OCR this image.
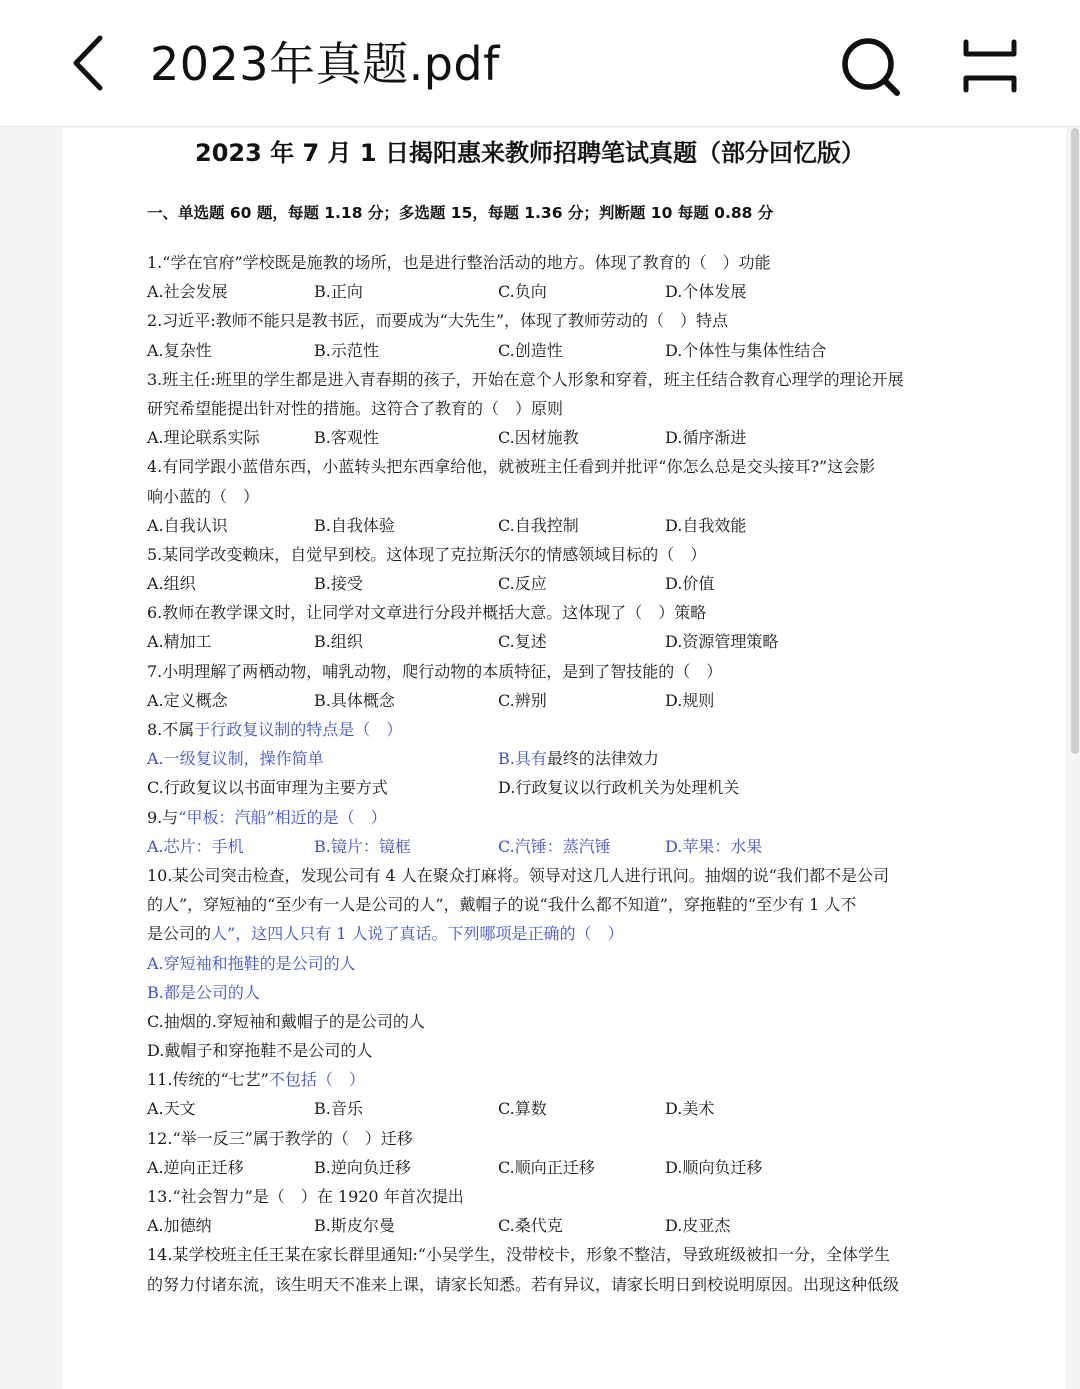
2023年真题.pdf
2023 年 7 月 1 日揭阳惠来教师招聘笔试真题（部分回忆版）
一、单选题 60 题，每题 1.18 分；多选题 15，每题 1.36 分；判断题 10 每题 0.88 分
1.“学在官府”学校既是施教的场所，也是进行整治活动的地方。体现了教育的（　）功能
A.社会发展	B.正向	C.负向	D.个体发展
2.习近平:教师不能只是教书匠，而要成为“大先生”，体现了教师劳动的（　）特点
A.复杂性	B.示范性	C.创造性	D.个体性与集体性结合
3.班主任:班里的学生都是进入青春期的孩子，开始在意个人形象和穿着，班主任结合教育心理学的理论开展
研究希望能提出针对性的措施。这符合了教育的（　）原则
A.理论联系实际	B.客观性	C.因材施教	D.循序渐进
4.有同学跟小蓝借东西，小蓝转头把东西拿给他，就被班主任看到并批评“你怎么总是交头接耳?”这会影
响小蓝的（　）
A.自我认识	B.自我体验	C.自我控制	D.自我效能
5.某同学改变赖床，自觉早到校。这体现了克拉斯沃尔的情感领域目标的（　）
A.组织	B.接受	C.反应	D.价值
6.教师在教学课文时，让同学对文章进行分段并概括大意。这体现了（　）策略
A.精加工	B.组织	C.复述	D.资源管理策略
7.小明理解了两栖动物，哺乳动物，爬行动物的本质特征，是到了智技能的（　）
A.定义概念	B.具体概念	C.辨别	D.规则
8.不属于行政复议制的特点是（　）
A.一级复议制，操作简单	B.具有最终的法律效力
C.行政复议以书面审理为主要方式	D.行政复议以行政机关为处理机关
9.与“甲板：汽船”相近的是（　）
A.芯片：手机	B.镜片：镜框	C.汽锤：蒸汽锤	D.苹果：水果
10.某公司突击检查，发现公司有 4 人在聚众打麻将。领导对这几人进行讯问。抽烟的说“我们都不是公司
的人”，穿短袖的“至少有一人是公司的人”，戴帽子的说“我什么都不知道”，穿拖鞋的“至少有 1 人不
是公司的人”，这四人只有 1 人说了真话。下列哪项是正确的（　）
A.穿短袖和拖鞋的是公司的人
B.都是公司的人
C.抽烟的.穿短袖和戴帽子的是公司的人
D.戴帽子和穿拖鞋不是公司的人
11.传统的“七艺”不包括（　）
A.天文	B.音乐	C.算数	D.美术
12.“举一反三”属于教学的（　）迁移
A.逆向正迁移	B.逆向负迁移	C.顺向正迁移	D.顺向负迁移
13.“社会智力”是（　）在 1920 年首次提出
A.加德纳	B.斯皮尔曼	C.桑代克	D.皮亚杰
14.某学校班主任王某在家长群里通知:“小吴学生，没带校卡，形象不整洁，导致班级被扣一分，全体学生
的努力付诸东流，该生明天不准来上课，请家长知悉。若有异议，请家长明日到校说明原因。出现这种低级
